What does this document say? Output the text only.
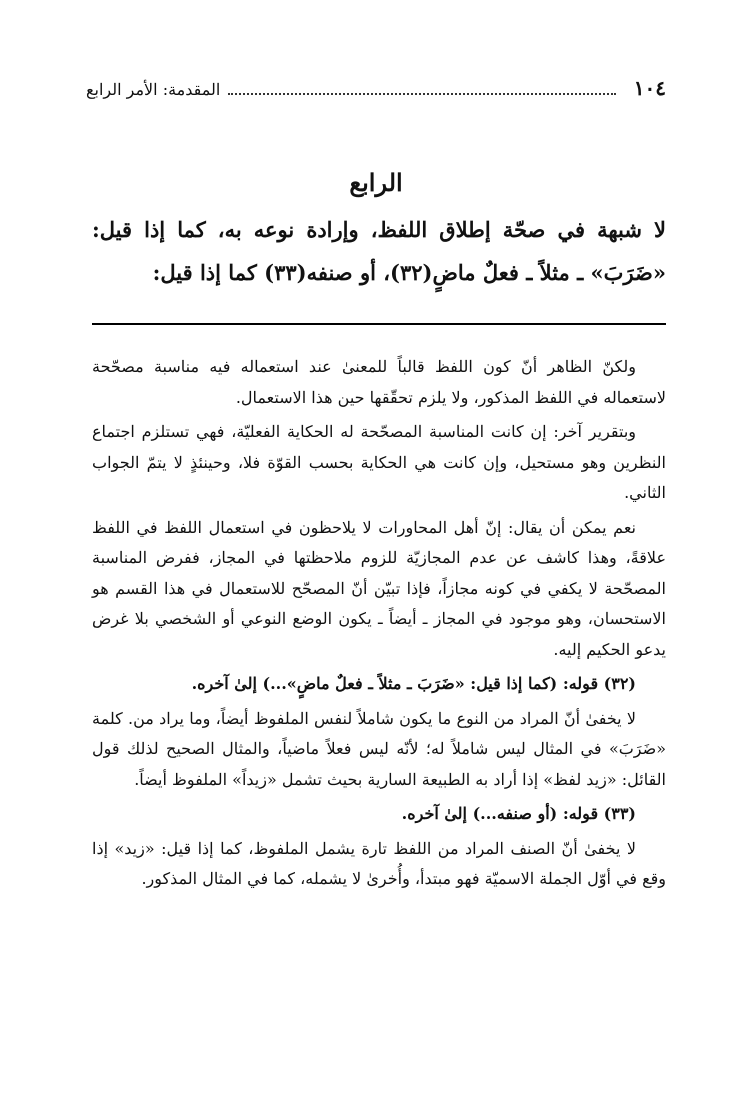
١٠٤
المقدمة: الأمر الرابع
الرابع

لا شبهة في صحّة إطلاق اللفظ، وإرادة نوعه به، كما إذا قيل: «ضَرَبَ» ـ مثلاً ـ فعلٌ ماضٍ(٣٢)، أو صنفه(٣٣) كما إذا قيل:

ولكنّ الظاهر أنّ كون اللفظ قالباً للمعنىٰ عند استعماله فيه مناسبة مصحّحة لاستعماله في اللفظ المذكور، ولا يلزم تحقّقها حين هذا الاستعمال.

وبتقرير آخر: إن كانت المناسبة المصحّحة له الحكاية الفعليّة، فهي تستلزم اجتماع النظرين وهو مستحيل، وإن كانت هي الحكاية بحسب القوّة فلا، وحينئذٍ لا يتمّ الجواب الثاني.

نعم يمكن أن يقال: إنّ أهل المحاورات لا يلاحظون في استعمال اللفظ في اللفظ علاقةً، وهذا كاشف عن عدم المجازيّة للزوم ملاحظتها في المجاز، ففرض المناسبة المصحّحة لا يكفي في كونه مجازاً، فإذا تبيّن أنّ المصحّح للاستعمال في هذا القسم هو الاستحسان، وهو موجود في المجاز ـ أيضاً ـ يكون الوضع النوعي أو الشخصي بلا غرض يدعو الحكيم إليه.

(٣٢) قوله: (كما إذا قيل: «ضَرَبَ ـ مثلاً ـ فعلٌ ماضٍ»...) إلىٰ آخره.

لا يخفىٰ أنّ المراد من النوع ما يكون شاملاً لنفس الملفوظ أيضاً، وما يراد من. كلمة «ضَرَبَ» في المثال ليس شاملاً له؛ لأنّه ليس فعلاً ماضياً، والمثال الصحيح لذلك قول القائل: «زيد لفظ» إذا أراد به الطبيعة السارية بحيث تشمل «زيداً» الملفوظ أيضاً.

(٣٣) قوله: (أو صنفه...) إلىٰ آخره.

لا يخفىٰ أنّ الصنف المراد من اللفظ تارة يشمل الملفوظ، كما إذا قيل: «زيد» إذا وقع في أوّل الجملة الاسميّة فهو مبتدأ، وأُخرىٰ لا يشمله، كما في المثال المذكور.
